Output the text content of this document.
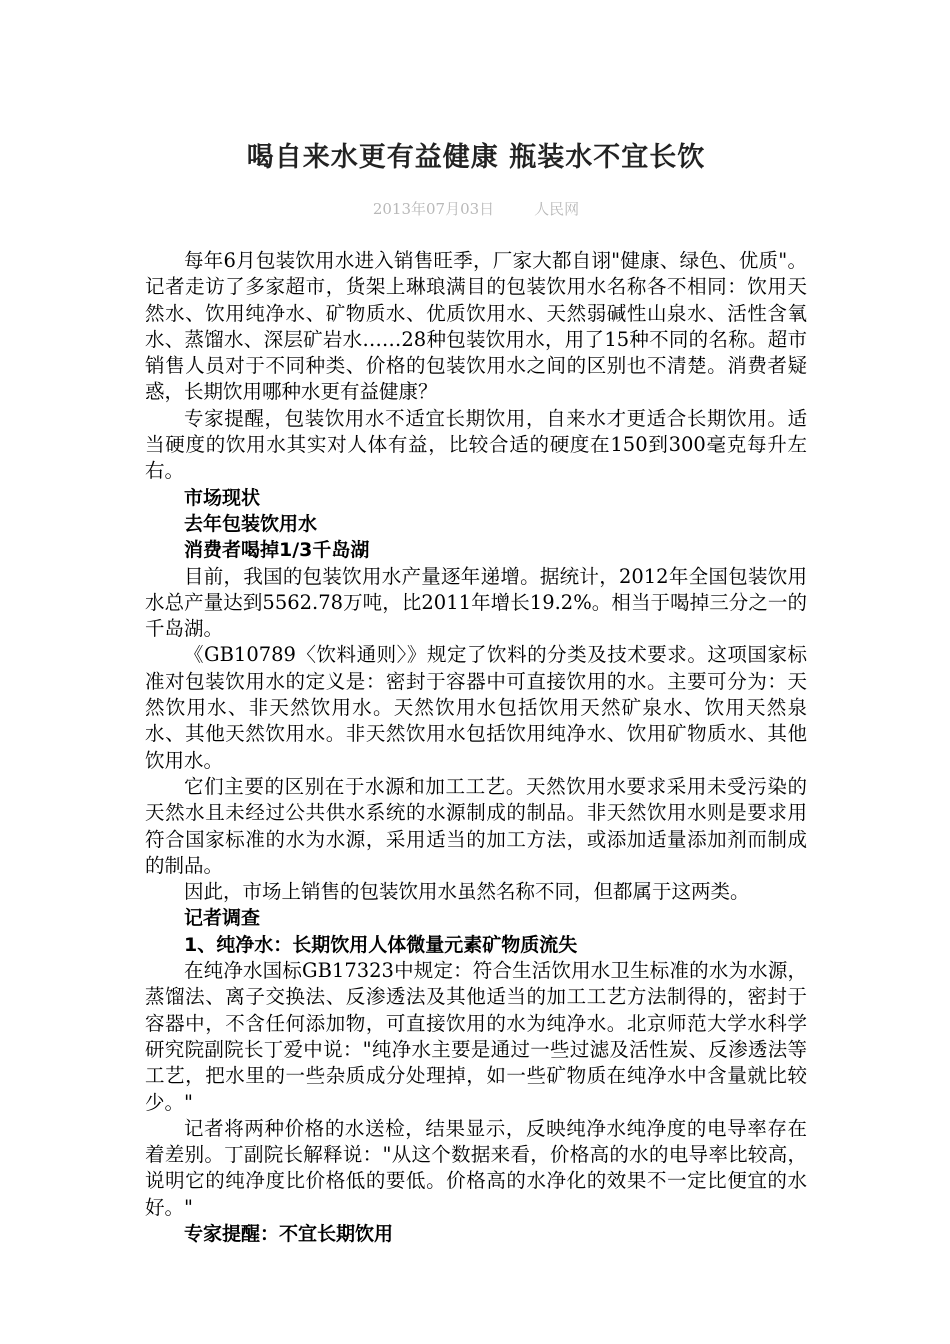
喝自来水更有益健康 瓶装水不宜长饮
2013年07月03日	人民网

每年6月包装饮用水进入销售旺季，厂家大都自诩"健康、绿色、优质"。记者走访了多家超市，货架上琳琅满目的包装饮用水名称各不相同：饮用天然水、饮用纯净水、矿物质水、优质饮用水、天然弱碱性山泉水、活性含氧水、蒸馏水、深层矿岩水……28种包装饮用水，用了15种不同的名称。超市销售人员对于不同种类、价格的包装饮用水之间的区别也不清楚。消费者疑惑，长期饮用哪种水更有益健康？

专家提醒，包装饮用水不适宜长期饮用，自来水才更适合长期饮用。适当硬度的饮用水其实对人体有益，比较合适的硬度在150到300毫克每升左右。

市场现状

去年包装饮用水

消费者喝掉1/3千岛湖

目前，我国的包装饮用水产量逐年递增。据统计，2012年全国包装饮用水总产量达到5562.78万吨，比2011年增长19.2%。相当于喝掉三分之一的千岛湖。

《GB10789〈饮料通则〉》规定了饮料的分类及技术要求。这项国家标准对包装饮用水的定义是：密封于容器中可直接饮用的水。主要可分为：天然饮用水、非天然饮用水。天然饮用水包括饮用天然矿泉水、饮用天然泉水、其他天然饮用水。非天然饮用水包括饮用纯净水、饮用矿物质水、其他饮用水。

它们主要的区别在于水源和加工工艺。天然饮用水要求采用未受污染的天然水且未经过公共供水系统的水源制成的制品。非天然饮用水则是要求用符合国家标准的水为水源，采用适当的加工方法，或添加适量添加剂而制成的制品。

因此，市场上销售的包装饮用水虽然名称不同，但都属于这两类。

记者调查

1、纯净水：长期饮用人体微量元素矿物质流失

在纯净水国标GB17323中规定：符合生活饮用水卫生标准的水为水源，蒸馏法、离子交换法、反渗透法及其他适当的加工工艺方法制得的，密封于容器中，不含任何添加物，可直接饮用的水为纯净水。北京师范大学水科学研究院副院长丁爱中说："纯净水主要是通过一些过滤及活性炭、反渗透法等工艺，把水里的一些杂质成分处理掉，如一些矿物质在纯净水中含量就比较少。"

记者将两种价格的水送检，结果显示，反映纯净水纯净度的电导率存在着差别。丁副院长解释说："从这个数据来看，价格高的水的电导率比较高，说明它的纯净度比价格低的要低。价格高的水净化的效果不一定比便宜的水好。"

专家提醒：不宜长期饮用
